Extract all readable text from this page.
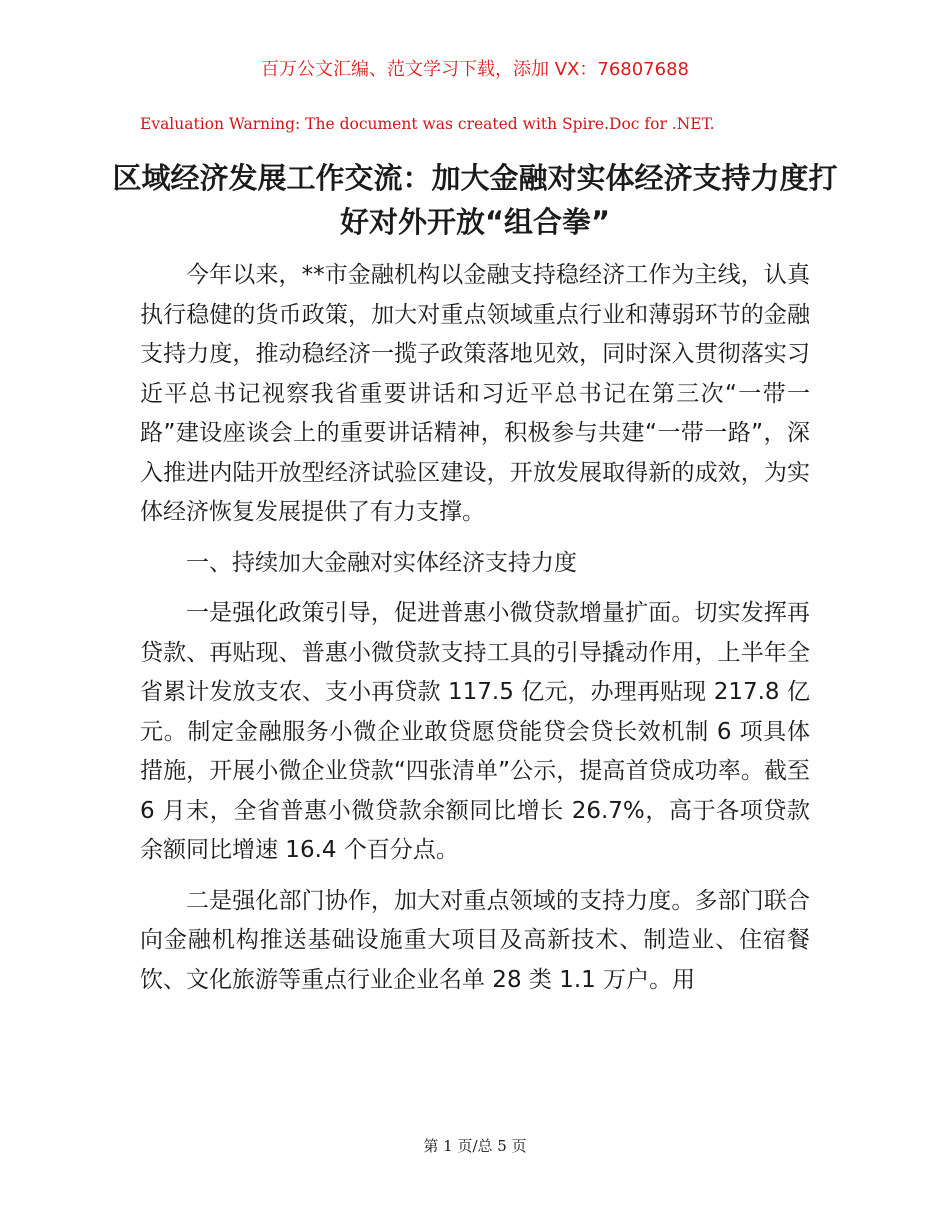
百万公文汇编、范文学习下载，添加 VX：76807688
Evaluation Warning: The document was created with Spire.Doc for .NET.
区域经济发展工作交流：加大金融对实体经济支持力度打好对外开放“组合拳”

今年以来，**市金融机构以金融支持稳经济工作为主线，认真执行稳健的货币政策，加大对重点领域重点行业和薄弱环节的金融支持力度，推动稳经济一揽子政策落地见效，同时深入贯彻落实习近平总书记视察我省重要讲话和习近平总书记在第三次“一带一路”建设座谈会上的重要讲话精神，积极参与共建“一带一路”，深入推进内陆开放型经济试验区建设，开放发展取得新的成效，为实体经济恢复发展提供了有力支撑。

一、持续加大金融对实体经济支持力度

一是强化政策引导，促进普惠小微贷款增量扩面。切实发挥再贷款、再贴现、普惠小微贷款支持工具的引导撬动作用，上半年全省累计发放支农、支小再贷款 117.5 亿元，办理再贴现 217.8 亿元。制定金融服务小微企业敢贷愿贷能贷会贷长效机制 6 项具体措施，开展小微企业贷款“四张清单”公示，提高首贷成功率。截至 6 月末，全省普惠小微贷款余额同比增长 26.7%，高于各项贷款余额同比增速 16.4 个百分点。

二是强化部门协作，加大对重点领域的支持力度。多部门联合向金融机构推送基础设施重大项目及高新技术、制造业、住宿餐饮、文化旅游等重点行业企业名单 28 类 1.1 万户。用

第 1 页/总 5 页
